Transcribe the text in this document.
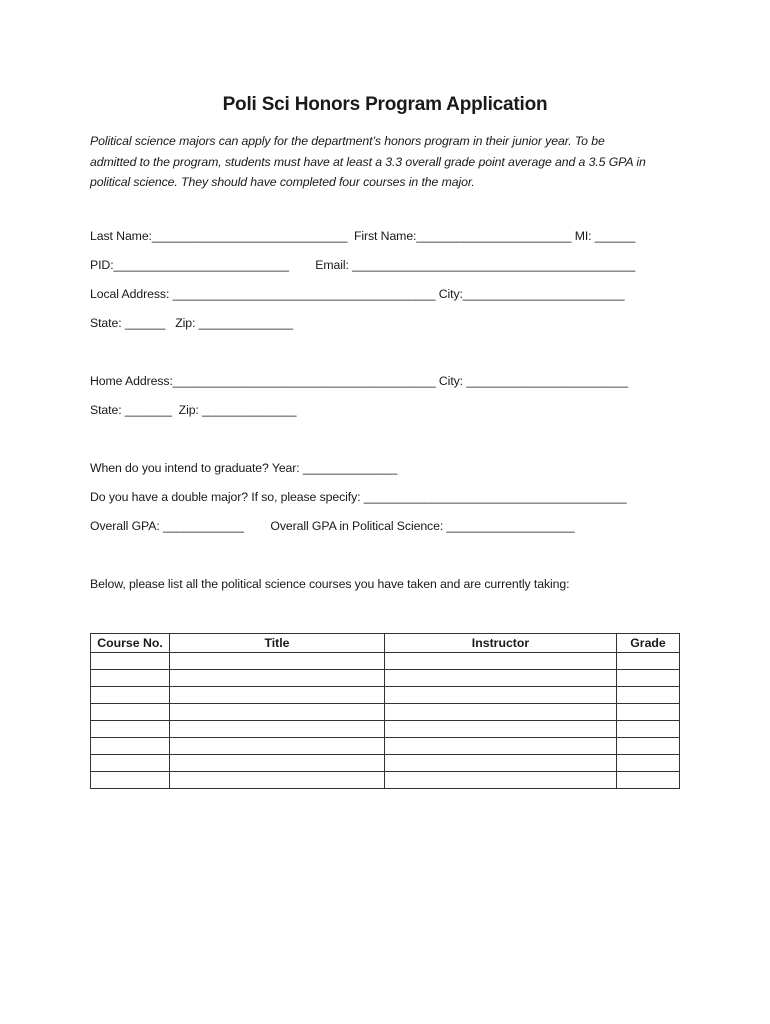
Poli Sci Honors Program Application
Political science majors can apply for the department’s honors program in their junior year. To be
admitted to the program, students must have at least a 3.3 overall grade point average and a 3.5 GPA in
political science. They should have completed four courses in the major.
Last Name:_____________________________  First Name:_______________________ MI: ______
PID:__________________________        Email: __________________________________________
Local Address: _______________________________________ City:________________________
State: ______   Zip: ______________
Home Address:_______________________________________ City: ________________________
State: _______  Zip: ______________
When do you intend to graduate? Year: ______________
Do you have a double major? If so, please specify: _______________________________________
Overall GPA: ____________        Overall GPA in Political Science: ___________________
Below, please list all the political science courses you have taken and are currently taking:
Course No.	Title	Instructor	Grade
